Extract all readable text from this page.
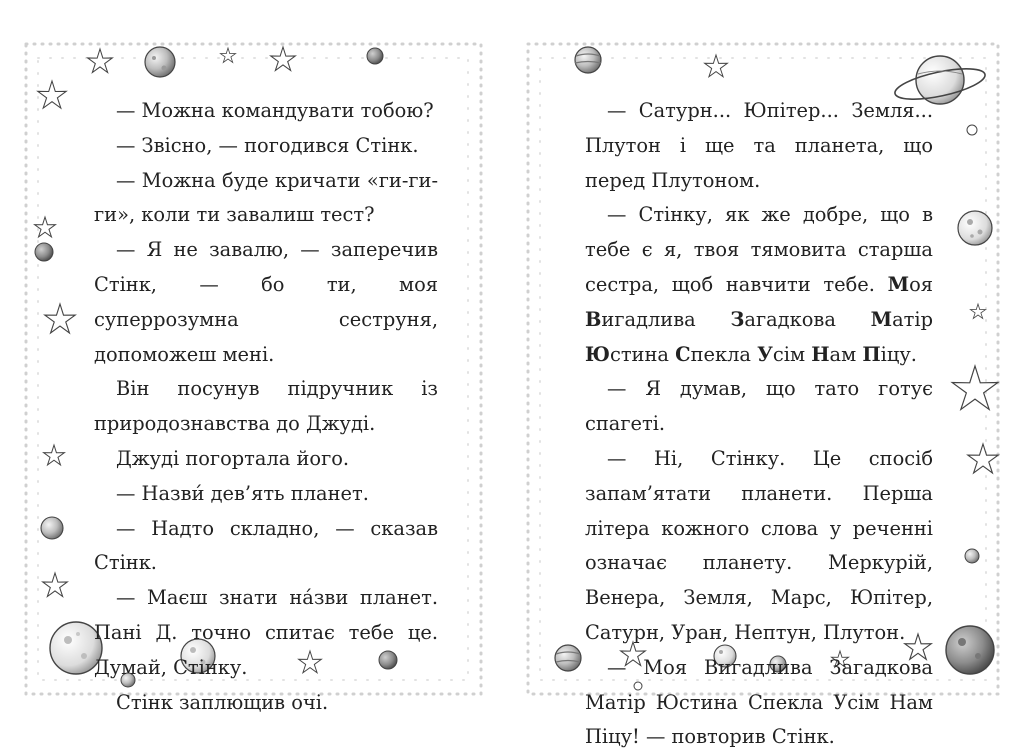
— Можна командувати тобою?

— Звісно, — погодився Стінк.

— Можна буде кричати «ги-ги-ги», коли ти завалиш тест?

— Я не завалю, — заперечив Стінк, — бо ти, моя суперрозумна сеструня, допоможеш мені.

Він посунув підручник із природознавства до Джуді.

Джуді погортала його.

— Назви́ дев’ять планет.

— Надто складно, — сказав Стінк.

— Маєш знати на́зви планет. Пані Д. точно спитає тебе це. Думай, Стінку.

Стінк заплющив очі.

— Сатурн... Юпітер... Земля... Плутон і ще та планета, що перед Плутоном.

— Стінку, як же добре, що в тебе є я, твоя тямовита старша сестра, щоб навчити тебе. Моя Вигадлива Загадкова Матір Юстина Спекла Усім Нам Піцу.

— Я думав, що тато готує спагеті.

— Ні, Стінку. Це спосіб запам’ятати планети. Перша літера кожного слова у реченні означає планету. Меркурій, Венера, Земля, Марс, Юпітер, Сатурн, Уран, Нептун, Плутон.

— Моя Вигадлива Загадкова Матір Юстина Спекла Усім Нам Піцу! — повторив Стінк.
